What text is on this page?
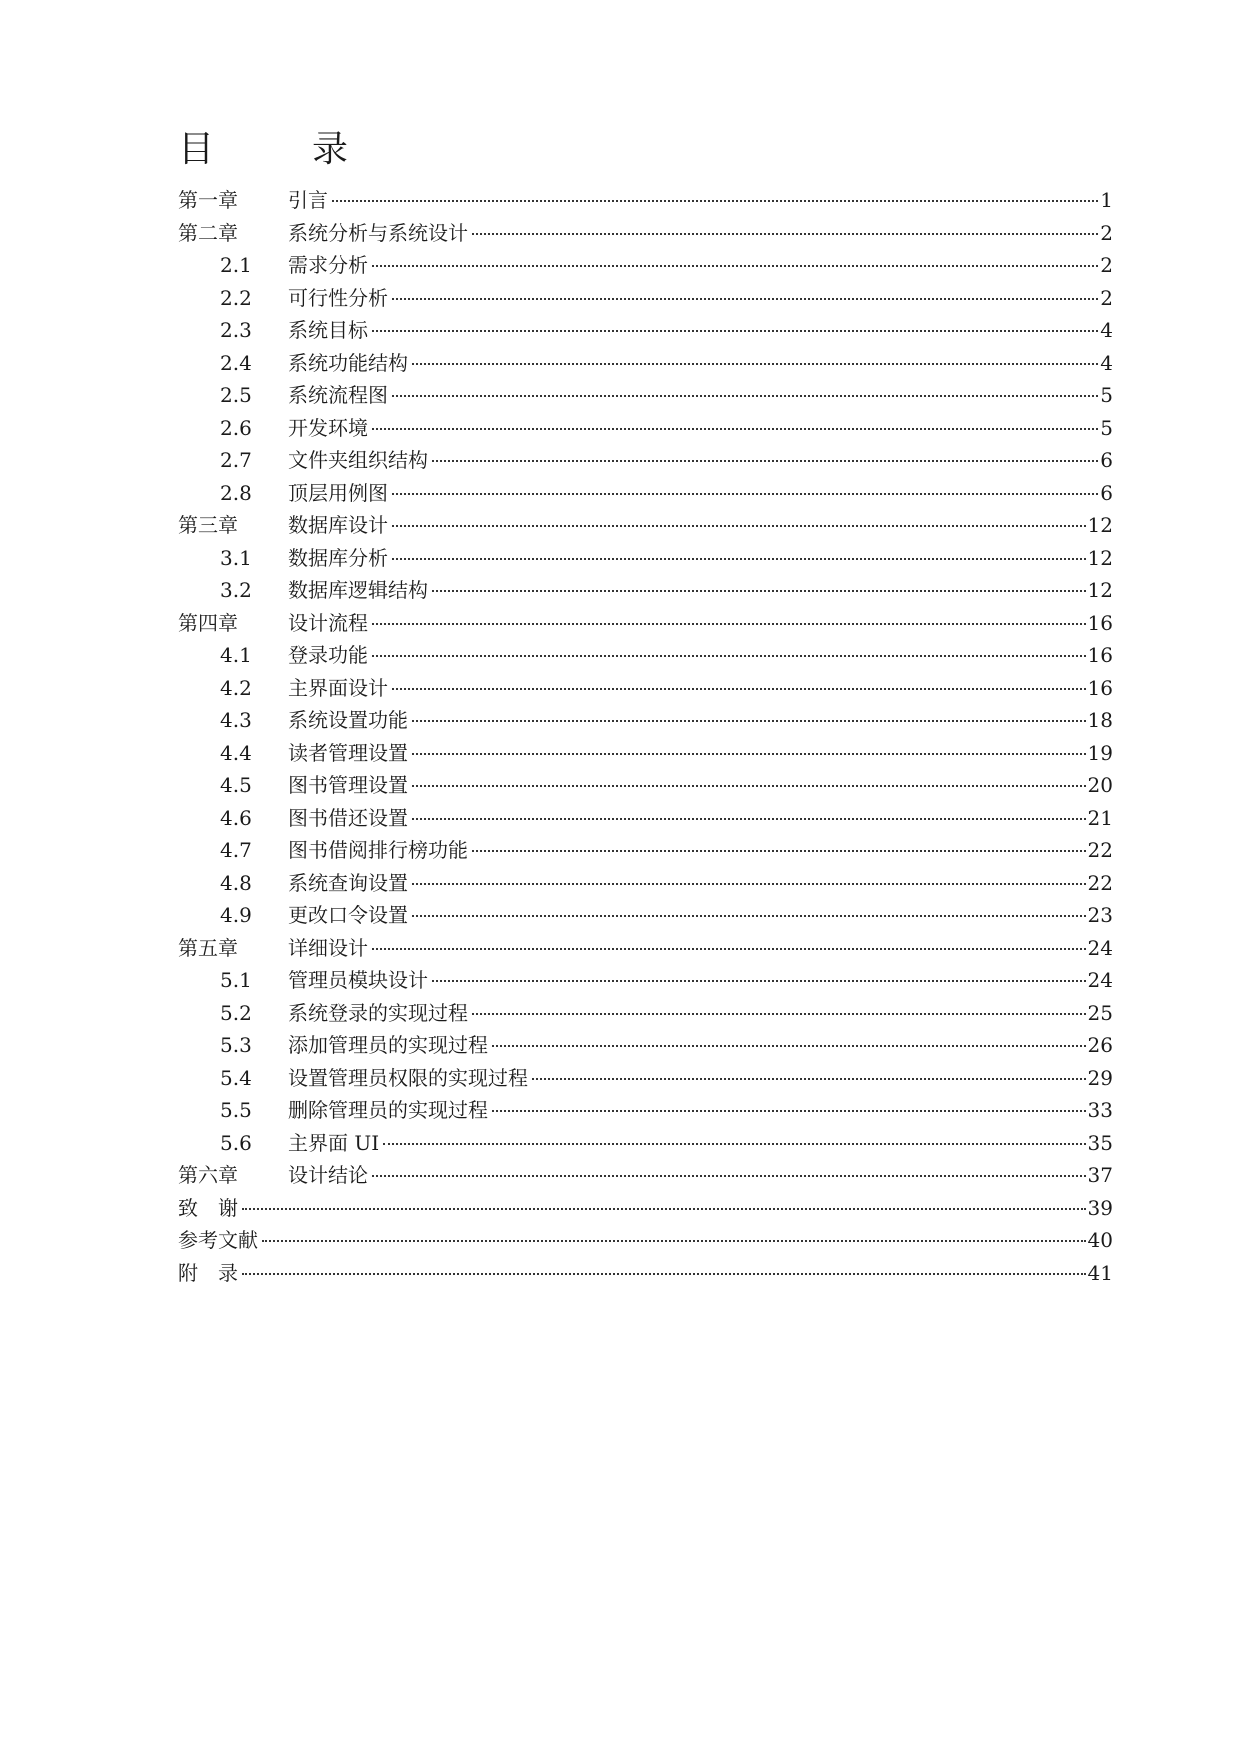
目	录
第一章	引言	1
第二章	系统分析与系统设计	2
2.1	需求分析	2
2.2	可行性分析	2
2.3	系统目标	4
2.4	系统功能结构	4
2.5	系统流程图	5
2.6	开发环境	5
2.7	文件夹组织结构	6
2.8	顶层用例图	6
第三章	数据库设计	12
3.1	数据库分析	12
3.2	数据库逻辑结构	12
第四章	设计流程	16
4.1	登录功能	16
4.2	主界面设计	16
4.3	系统设置功能	18
4.4	读者管理设置	19
4.5	图书管理设置	20
4.6	图书借还设置	21
4.7	图书借阅排行榜功能	22
4.8	系统查询设置	22
4.9	更改口令设置	23
第五章	详细设计	24
5.1	管理员模块设计	24
5.2	系统登录的实现过程	25
5.3	添加管理员的实现过程	26
5.4	设置管理员权限的实现过程	29
5.5	删除管理员的实现过程	33
5.6	主界面 UI	35
第六章	设计结论	37
致　谢	39
参考文献	40
附　录	41
